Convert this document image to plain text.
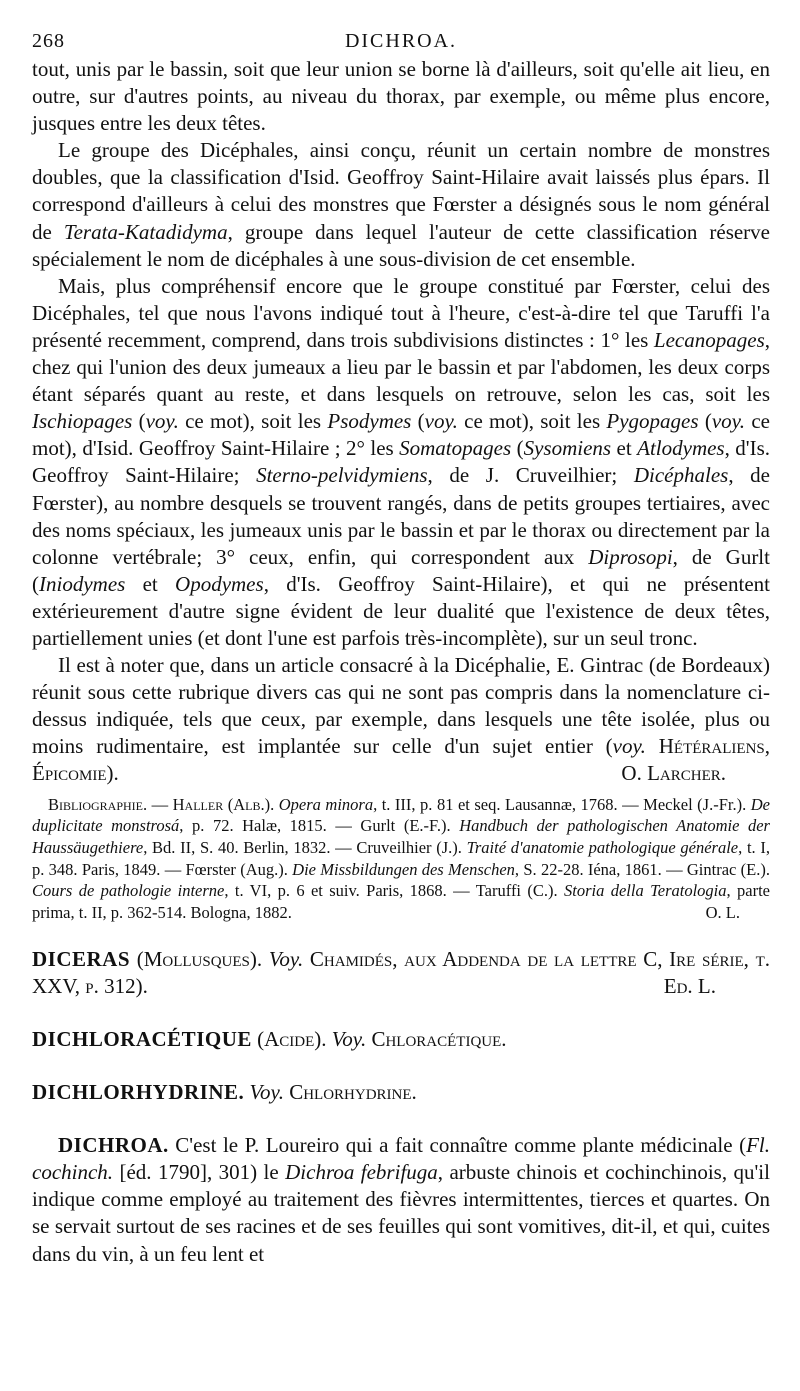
268	DICHROA.

tout, unis par le bassin, soit que leur union se borne là d'ailleurs, soit qu'elle ait lieu, en outre, sur d'autres points, au niveau du thorax, par exemple, ou même plus encore, jusques entre les deux têtes.

Le groupe des Dicéphales, ainsi conçu, réunit un certain nombre de monstres doubles, que la classification d'Isid. Geoffroy Saint-Hilaire avait laissés plus épars. Il correspond d'ailleurs à celui des monstres que Fœrster a désignés sous le nom général de Terata-Katadidyma, groupe dans lequel l'auteur de cette classification réserve spécialement le nom de dicéphales à une sous-division de cet ensemble.

Mais, plus compréhensif encore que le groupe constitué par Fœrster, celui des Dicéphales, tel que nous l'avons indiqué tout à l'heure, c'est-à-dire tel que Taruffi l'a présenté recemment, comprend, dans trois subdivisions distinctes : 1° les Lecanopages, chez qui l'union des deux jumeaux a lieu par le bassin et par l'abdomen, les deux corps étant séparés quant au reste, et dans lesquels on retrouve, selon les cas, soit les Ischiopages (voy. ce mot), soit les Psodymes (voy. ce mot), soit les Pygopages (voy. ce mot), d'Isid. Geoffroy Saint-Hilaire ; 2° les Somatopages (Sysomiens et Atlodymes, d'Is. Geoffroy Saint-Hilaire; Sterno-pelvidymiens, de J. Cruveilhier; Dicéphales, de Fœrster), au nombre desquels se trouvent rangés, dans de petits groupes tertiaires, avec des noms spéciaux, les jumeaux unis par le bassin et par le thorax ou directement par la colonne vertébrale; 3° ceux, enfin, qui correspondent aux Diprosopi, de Gurlt (Iniodymes et Opodymes, d'Is. Geoffroy Saint-Hilaire), et qui ne présentent extérieurement d'autre signe évident de leur dualité que l'existence de deux têtes, partiellement unies (et dont l'une est parfois très-incomplète), sur un seul tronc.

Il est à noter que, dans un article consacré à la Dicéphalie, E. Gintrac (de Bordeaux) réunit sous cette rubrique divers cas qui ne sont pas compris dans la nomenclature ci-dessus indiquée, tels que ceux, par exemple, dans lesquels une tête isolée, plus ou moins rudimentaire, est implantée sur celle d'un sujet entier (voy. Hétéraliens, Épicomie).	O. Larcher.

Bibliographie. — Haller (Alb.). Opera minora, t. III, p. 81 et seq. Lausannæ, 1768. — Meckel (J.-Fr.). De duplicitate monstrosá, p. 72. Halæ, 1815. — Gurlt (E.-F.). Handbuch der pathologischen Anatomie der Haussäugethiere, Bd. II, S. 40. Berlin, 1832. — Cruveilhier (J.). Traité d'anatomie pathologique générale, t. I, p. 348. Paris, 1849. — Fœrster (Aug.). Die Missbildungen des Menschen, S. 22-28. Iéna, 1861. — Gintrac (E.). Cours de pathologie interne, t. VI, p. 6 et suiv. Paris, 1868. — Taruffi (C.). Storia della Teratologia, parte prima, t. II, p. 362-514. Bologna, 1882.	O. L.

DICERAS (Mollusques). Voy. Chamidés, aux Addenda de la lettre C, Ire série, t. XXV, p. 312).	Ed. L.

DICHLORACÉTIQUE (Acide). Voy. Chloracétique.

DICHLORHYDRINE. Voy. Chlorhydrine.

DICHROA. C'est le P. Loureiro qui a fait connaître comme plante médicinale (Fl. cochinch. [éd. 1790], 301) le Dichroa febrifuga, arbuste chinois et cochinchinois, qu'il indique comme employé au traitement des fièvres intermittentes, tierces et quartes. On se servait surtout de ses racines et de ses feuilles qui sont vomitives, dit-il, et qui, cuites dans du vin, à un feu lent et
